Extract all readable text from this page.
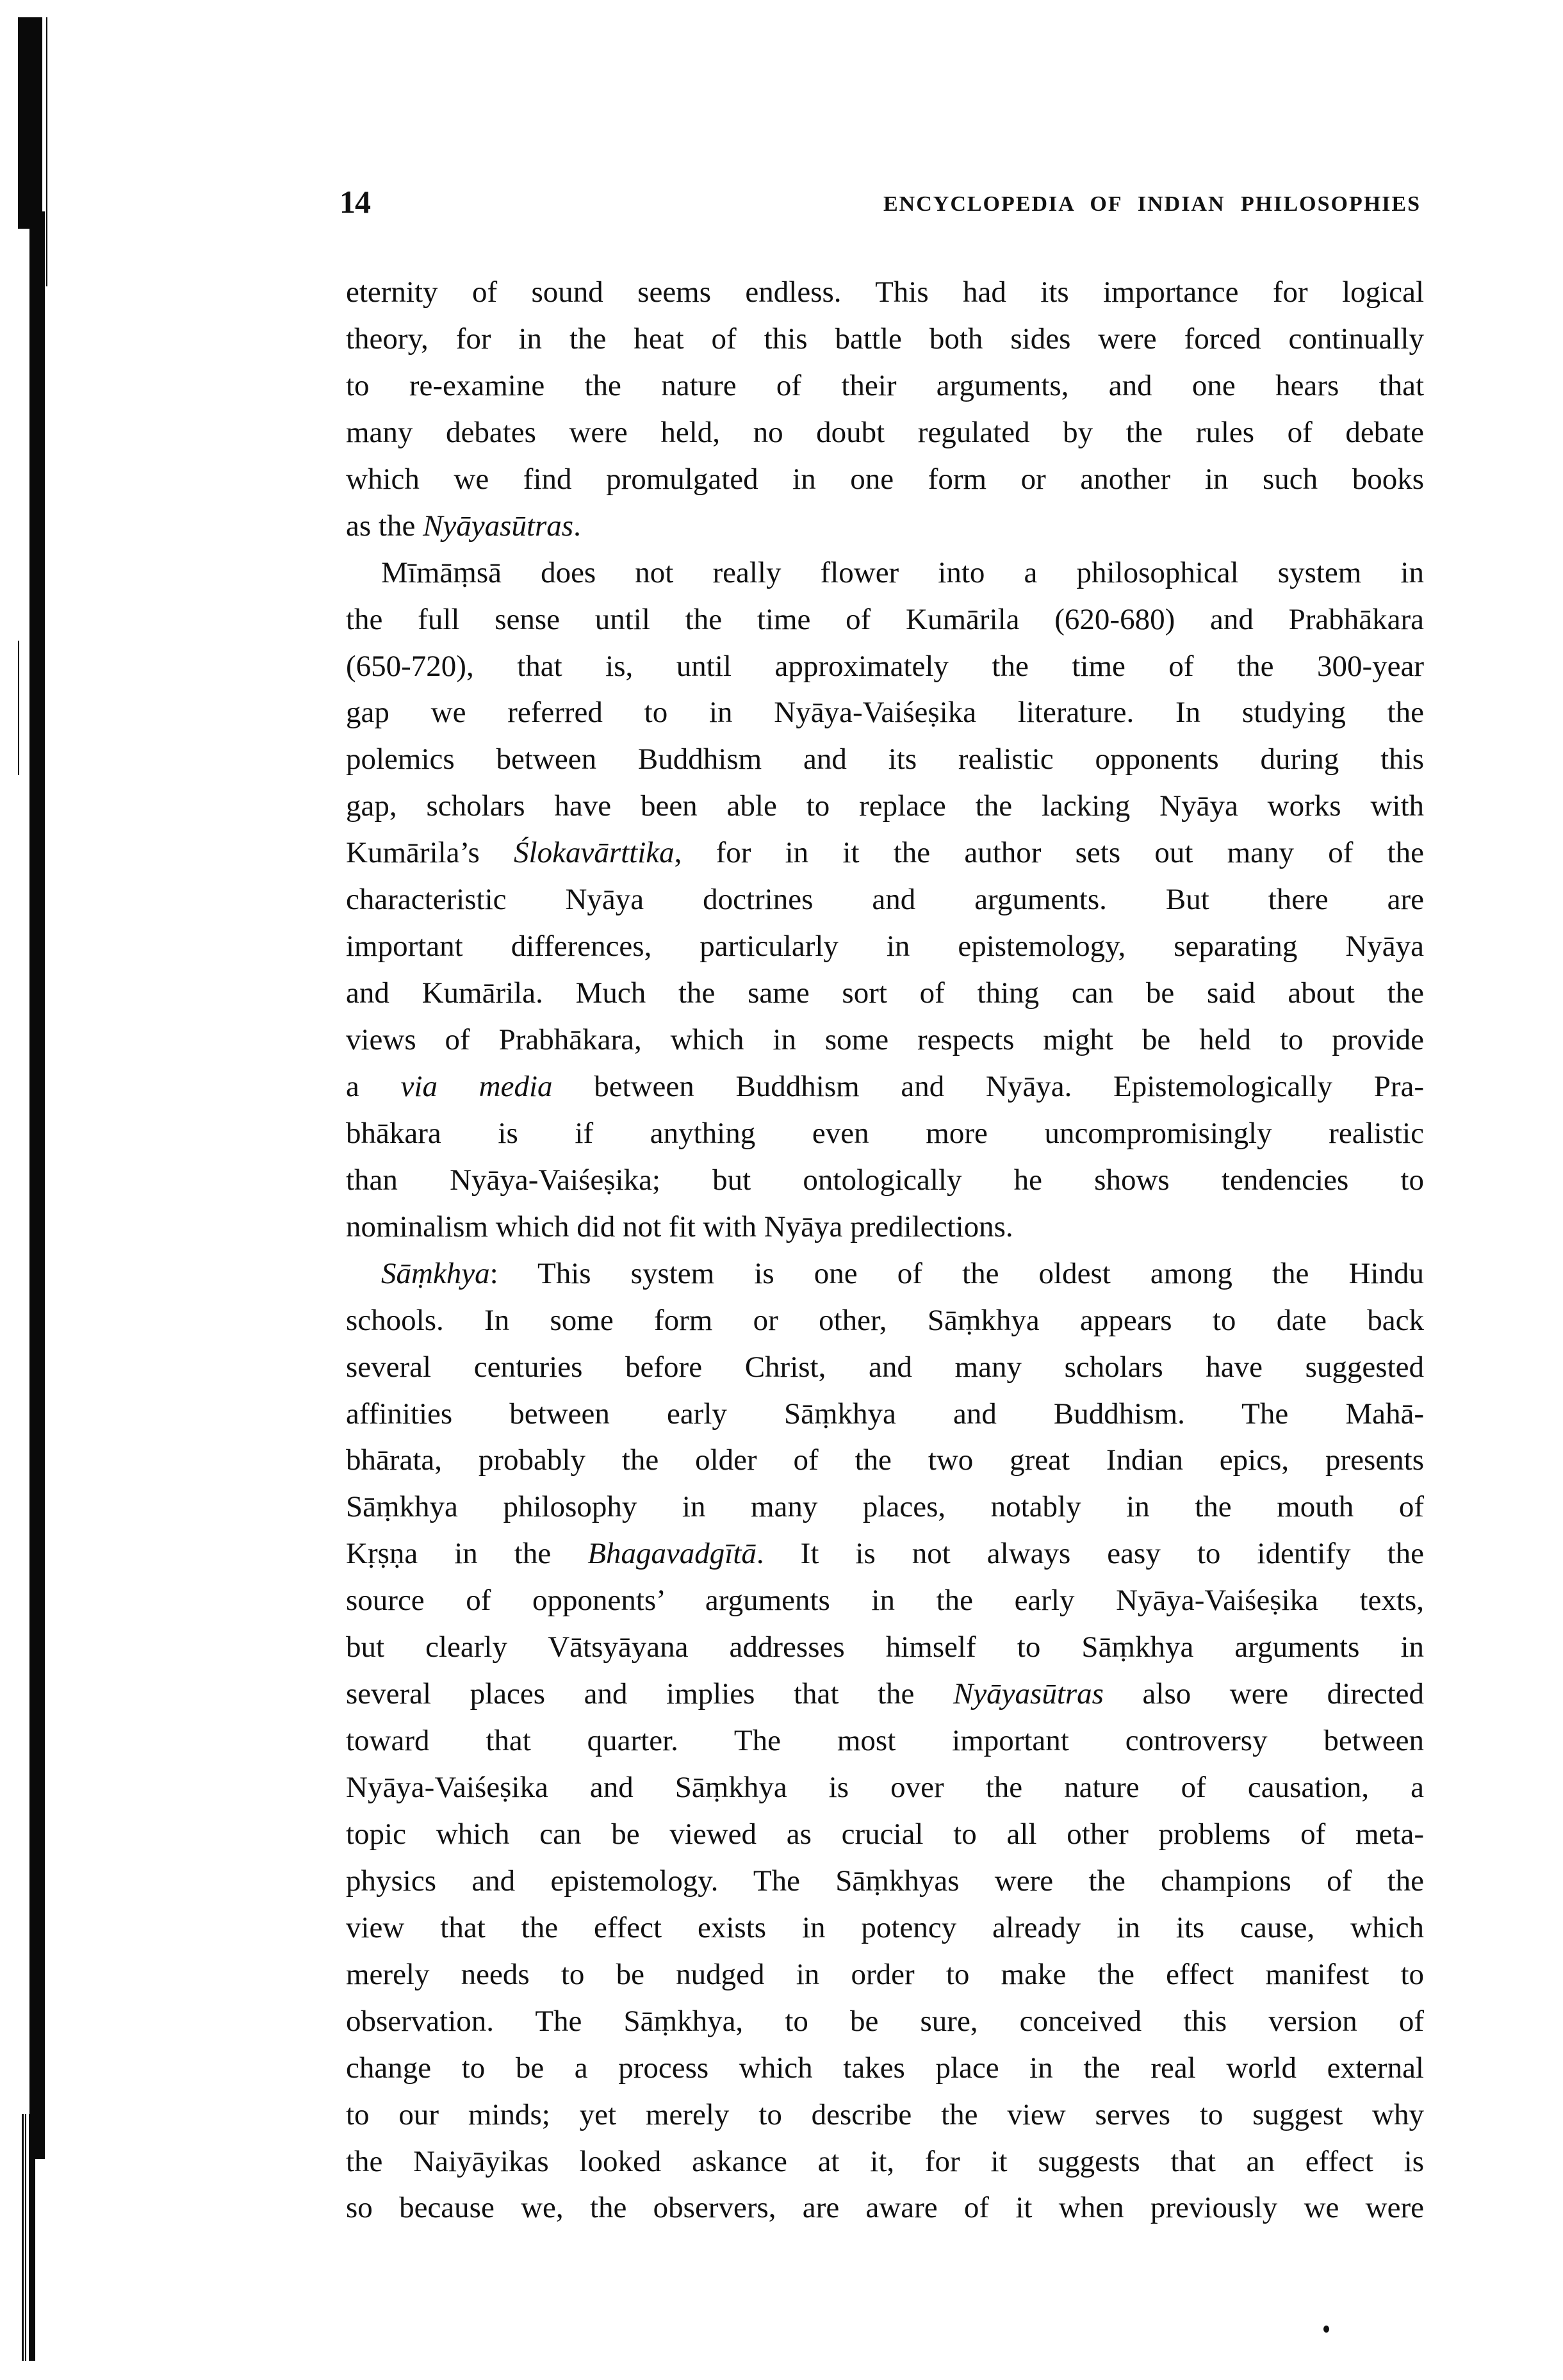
14	ENCYCLOPEDIA OF INDIAN PHILOSOPHIES
eternity of sound seems endless. This had its importance for logical
theory, for in the heat of this battle both sides were forced continually
to re-examine the nature of their arguments, and one hears that
many debates were held, no doubt regulated by the rules of debate
which we find promulgated in one form or another in such books
as the Nyāyasūtras.
Mīmāṃsā does not really flower into a philosophical system in
the full sense until the time of Kumārila (620-680) and Prabhākara
(650-720), that is, until approximately the time of the 300-year
gap we referred to in Nyāya-Vaiśeṣika literature. In studying the
polemics between Buddhism and its realistic opponents during this
gap, scholars have been able to replace the lacking Nyāya works with
Kumārila’s Ślokavārttika, for in it the author sets out many of the
characteristic Nyāya doctrines and arguments. But there are
important differences, particularly in epistemology, separating Nyāya
and Kumārila. Much the same sort of thing can be said about the
views of Prabhākara, which in some respects might be held to provide
a via media between Buddhism and Nyāya. Epistemologically Pra-
bhākara is if anything even more uncompromisingly realistic
than Nyāya-Vaiśeṣika; but ontologically he shows tendencies to
nominalism which did not fit with Nyāya predilections.
Sāṃkhya: This system is one of the oldest among the Hindu
schools. In some form or other, Sāṃkhya appears to date back
several centuries before Christ, and many scholars have suggested
affinities between early Sāṃkhya and Buddhism. The Mahā-
bhārata, probably the older of the two great Indian epics, presents
Sāṃkhya philosophy in many places, notably in the mouth of
Kṛṣṇa in the Bhagavadgītā. It is not always easy to identify the
source of opponents’ arguments in the early Nyāya-Vaiśeṣika texts,
but clearly Vātsyāyana addresses himself to Sāṃkhya arguments in
several places and implies that the Nyāyasūtras also were directed
toward that quarter. The most important controversy between
Nyāya-Vaiśeṣika and Sāṃkhya is over the nature of causation, a
topic which can be viewed as crucial to all other problems of meta-
physics and epistemology. The Sāṃkhyas were the champions of the
view that the effect exists in potency already in its cause, which
merely needs to be nudged in order to make the effect manifest to
observation. The Sāṃkhya, to be sure, conceived this version of
change to be a process which takes place in the real world external
to our minds; yet merely to describe the view serves to suggest why
the Naiyāyikas looked askance at it, for it suggests that an effect is
so because we, the observers, are aware of it when previously we were
